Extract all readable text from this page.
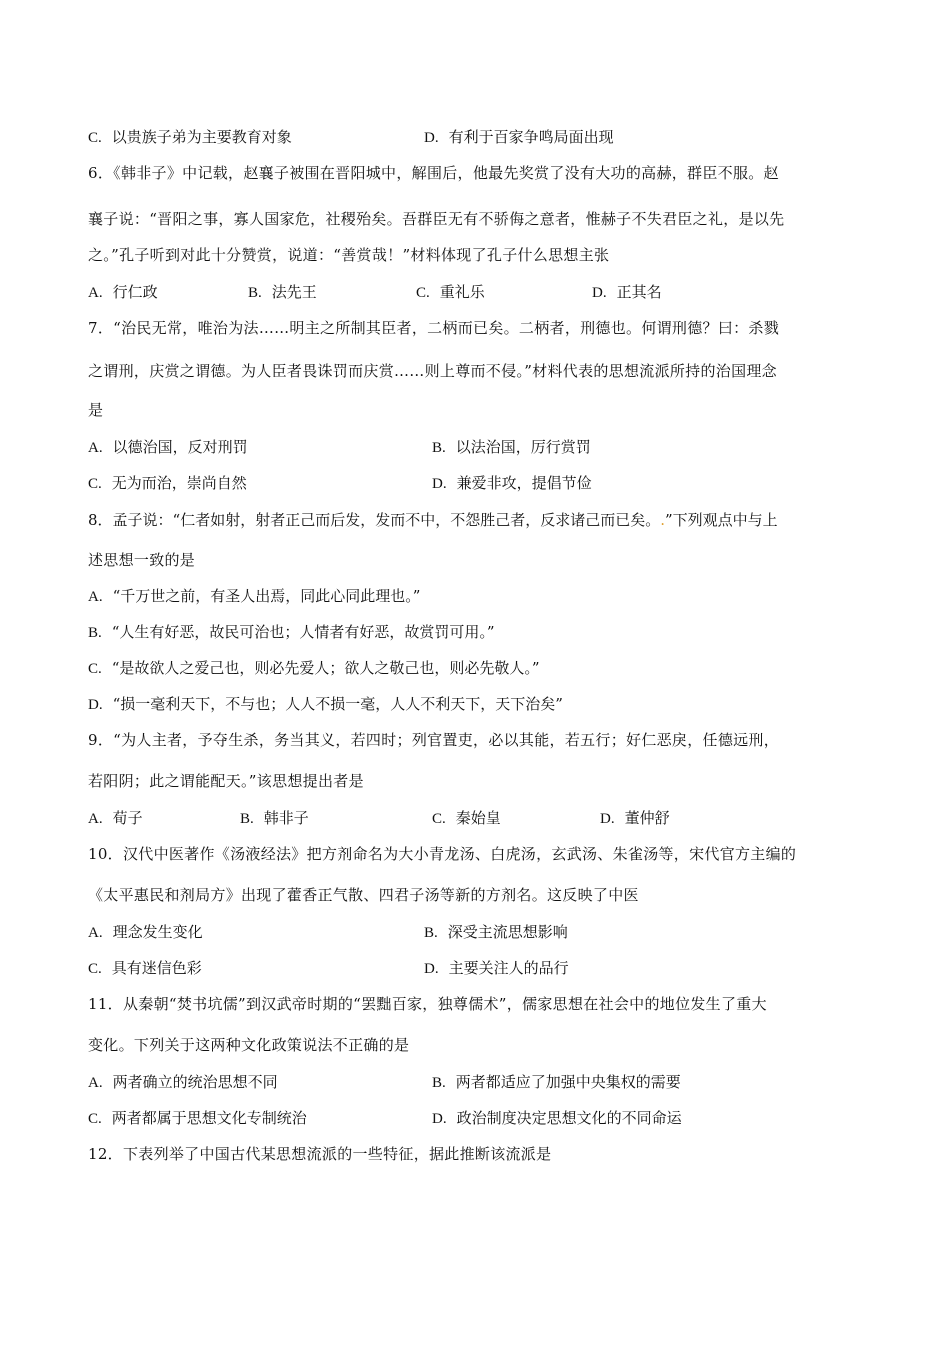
C. 以贵族子弟为主要教育对象	D. 有利于百家争鸣局面出现
6．《韩非子》中记载，赵襄子被围在晋阳城中，解围后，他最先奖赏了没有大功的高赫，群臣不服。赵
襄子说：“晋阳之事，寡人国家危，社稷殆矣。吾群臣无有不骄侮之意者，惟赫子不失君臣之礼，是以先
之。”孔子听到对此十分赞赏，说道：“善赏哉！”材料体现了孔子什么思想主张
A. 行仁政	B. 法先王	C. 重礼乐	D. 正其名
7．“治民无常，唯治为法……明主之所制其臣者，二柄而已矣。二柄者，刑德也。何谓刑德？曰：杀戮
之谓刑，庆赏之谓德。为人臣者畏诛罚而庆赏……则上尊而不侵。”材料代表的思想流派所持的治国理念
是
A. 以德治国，反对刑罚	B. 以法治国，厉行赏罚
C. 无为而治，崇尚自然	D. 兼爱非攻，提倡节俭
8．孟子说：“仁者如射，射者正己而后发，发而不中，不怨胜己者，反求诸己而已矣。.”下列观点中与上
述思想一致的是
A. “千万世之前，有圣人出焉，同此心同此理也。”
B. “人生有好恶，故民可治也；人情者有好恶，故赏罚可用。”
C. “是故欲人之爱己也，则必先爱人；欲人之敬己也，则必先敬人。”
D. “损一毫利天下，不与也；人人不损一毫，人人不利天下，天下治矣”
9．“为人主者，予夺生杀，务当其义，若四时；列官置吏，必以其能，若五行；好仁恶戾，任德远刑，
若阳阴；此之谓能配天。”该思想提出者是
A. 荀子	B. 韩非子	C. 秦始皇	D. 董仲舒
10．汉代中医著作《汤液经法》把方剂命名为大小青龙汤、白虎汤，玄武汤、朱雀汤等，宋代官方主编的
《太平惠民和剂局方》出现了藿香正气散、四君子汤等新的方剂名。这反映了中医
A. 理念发生变化	B. 深受主流思想影响
C. 具有迷信色彩	D. 主要关注人的品行
11．从秦朝“焚书坑儒”到汉武帝时期的“罢黜百家，独尊儒术”，儒家思想在社会中的地位发生了重大
变化。下列关于这两种文化政策说法不正确的是
A. 两者确立的统治思想不同	B. 两者都适应了加强中央集权的需要
C. 两者都属于思想文化专制统治	D. 政治制度决定思想文化的不同命运
12．下表列举了中国古代某思想流派的一些特征，据此推断该流派是
